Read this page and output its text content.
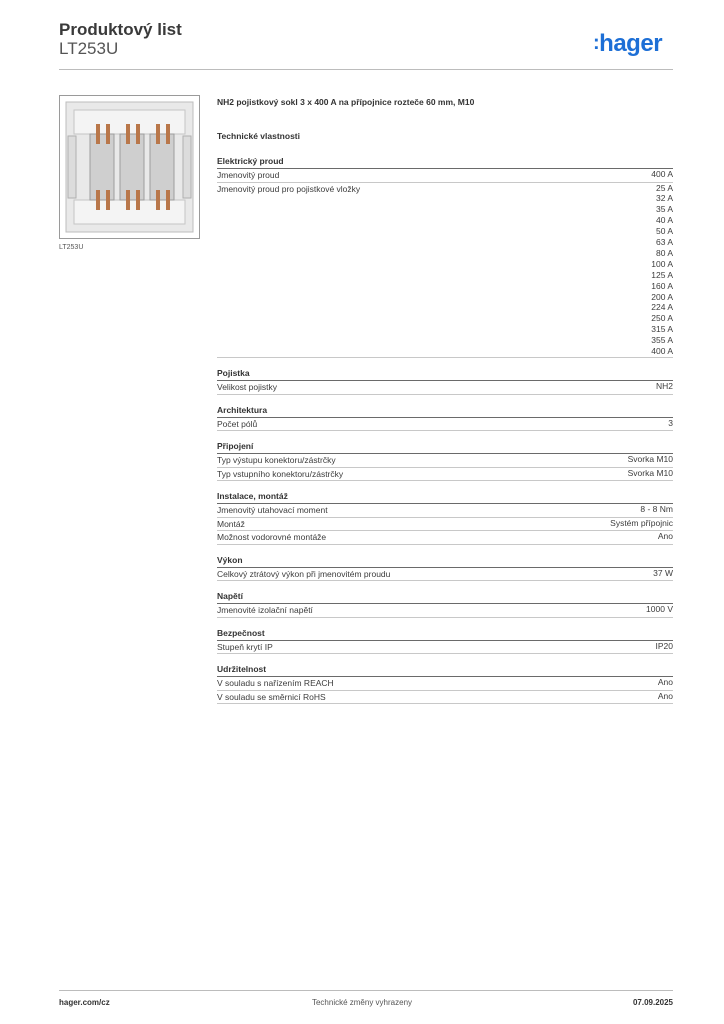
Produktový list
LT253U	:hager
LT253U
NH2 pojistkový sokl 3 x 400 A na přípojnice rozteče 60 mm, M10
Technické vlastnosti
Elektrický proud
Jmenovitý proud	400 A
Jmenovitý proud pro pojistkové vložky	25 A
32 A
35 A
40 A
50 A
63 A
80 A
100 A
125 A
160 A
200 A
224 A
250 A
315 A
355 A
400 A
Pojistka
Velikost pojistky	NH2
Architektura
Počet pólů	3
Připojení
Typ výstupu konektoru/zástrčky	Svorka M10
Typ vstupního konektoru/zástrčky	Svorka M10
Instalace, montáž
Jmenovitý utahovací moment	8 - 8 Nm
Montáž	Systém přípojnic
Možnost vodorovné montáže	Ano
Výkon
Celkový ztrátový výkon při jmenovitém proudu	37 W
Napětí
Jmenovité izolační napětí	1000 V
Bezpečnost
Stupeň krytí IP	IP20
Udržitelnost
V souladu s nařízením REACH	Ano
V souladu se směrnicí RoHS	Ano
hager.com/cz	Technické změny vyhrazeny	07.09.2025
